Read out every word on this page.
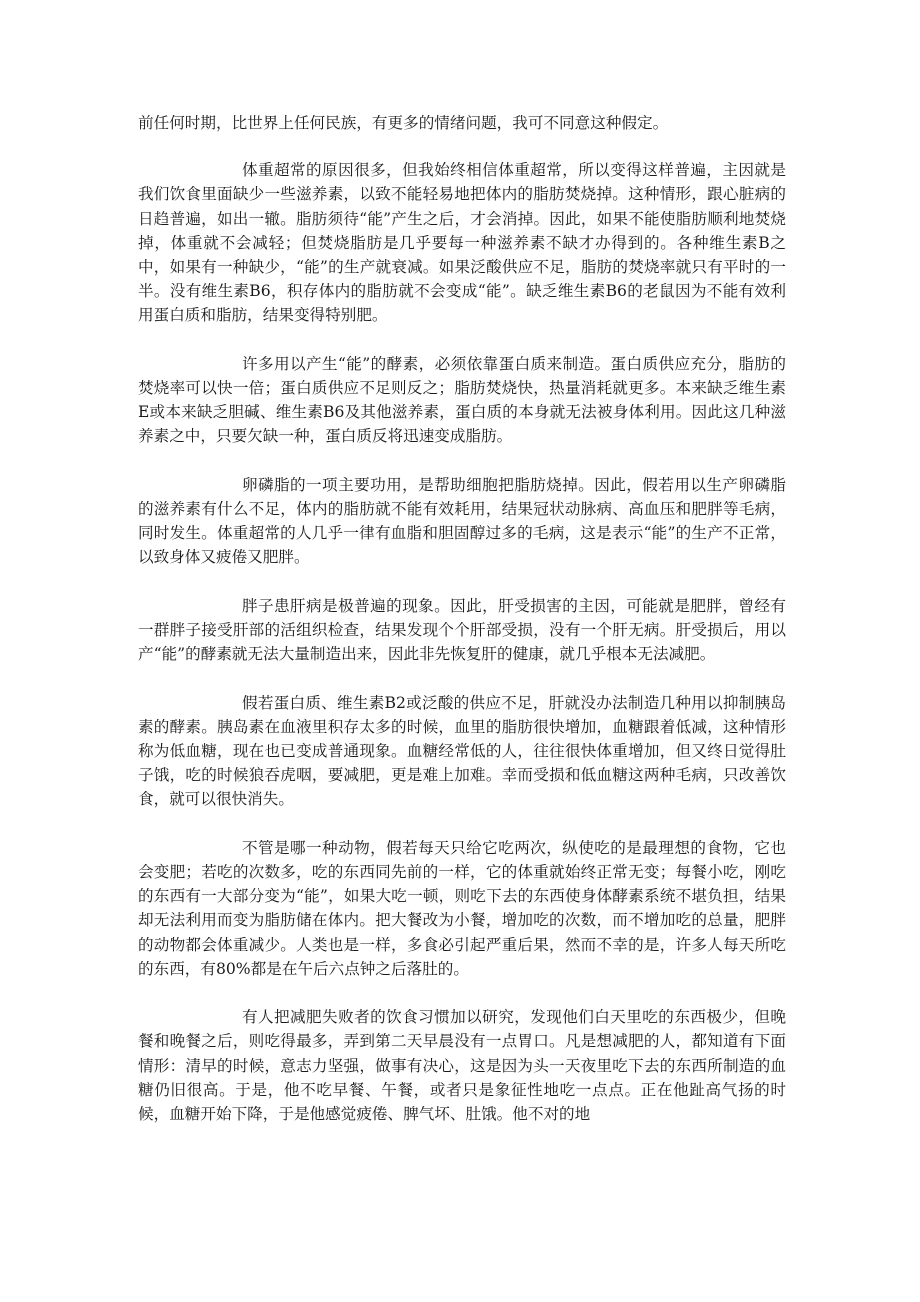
前任何时期，比世界上任何民族，有更多的情绪问题，我可不同意这种假定。

体重超常的原因很多，但我始终相信体重超常，所以变得这样普遍，主因就是我们饮食里面缺少一些滋养素，以致不能轻易地把体内的脂肪焚烧掉。这种情形，跟心脏病的日趋普遍，如出一辙。脂肪须待“能”产生之后，才会消掉。因此，如果不能使脂肪顺利地焚烧掉，体重就不会减轻；但焚烧脂肪是几乎要每一种滋养素不缺才办得到的。各种维生素B之中，如果有一种缺少，“能”的生产就衰减。如果泛酸供应不足，脂肪的焚烧率就只有平时的一半。没有维生素B6，积存体内的脂肪就不会变成“能”。缺乏维生素B6的老鼠因为不能有效利用蛋白质和脂肪，结果变得特别肥。

许多用以产生“能”的酵素，必须依靠蛋白质来制造。蛋白质供应充分，脂肪的焚烧率可以快一倍；蛋白质供应不足则反之；脂肪焚烧快，热量消耗就更多。本来缺乏维生素E或本来缺乏胆碱、维生素B6及其他滋养素，蛋白质的本身就无法被身体利用。因此这几种滋养素之中，只要欠缺一种，蛋白质反将迅速变成脂肪。

卵磷脂的一项主要功用，是帮助细胞把脂肪烧掉。因此，假若用以生产卵磷脂的滋养素有什么不足，体内的脂肪就不能有效耗用，结果冠状动脉病、高血压和肥胖等毛病，同时发生。体重超常的人几乎一律有血脂和胆固醇过多的毛病，这是表示“能”的生产不正常，以致身体又疲倦又肥胖。

胖子患肝病是极普遍的现象。因此，肝受损害的主因，可能就是肥胖，曾经有一群胖子接受肝部的活组织检查，结果发现个个肝部受损，没有一个肝无病。肝受损后，用以产“能”的酵素就无法大量制造出来，因此非先恢复肝的健康，就几乎根本无法减肥。

假若蛋白质、维生素B2或泛酸的供应不足，肝就没办法制造几种用以抑制胰岛素的酵素。胰岛素在血液里积存太多的时候，血里的脂肪很快增加，血糖跟着低减，这种情形称为低血糖，现在也已变成普通现象。血糖经常低的人，往往很快体重增加，但又终日觉得肚子饿，吃的时候狼吞虎咽，要减肥，更是难上加难。幸而受损和低血糖这两种毛病，只改善饮食，就可以很快消失。

不管是哪一种动物，假若每天只给它吃两次，纵使吃的是最理想的食物，它也会变肥；若吃的次数多，吃的东西同先前的一样，它的体重就始终正常无变；每餐小吃，刚吃的东西有一大部分变为“能”，如果大吃一顿，则吃下去的东西使身体酵素系统不堪负担，结果却无法利用而变为脂肪储在体内。把大餐改为小餐，增加吃的次数，而不增加吃的总量，肥胖的动物都会体重减少。人类也是一样，多食必引起严重后果，然而不幸的是，许多人每天所吃的东西，有80%都是在午后六点钟之后落肚的。

有人把减肥失败者的饮食习惯加以研究，发现他们白天里吃的东西极少，但晚餐和晚餐之后，则吃得最多，弄到第二天早晨没有一点胃口。凡是想减肥的人，都知道有下面情形：清早的时候，意志力坚强，做事有决心，这是因为头一天夜里吃下去的东西所制造的血糖仍旧很高。于是，他不吃早餐、午餐，或者只是象征性地吃一点点。正在他趾高气扬的时候，血糖开始下降，于是他感觉疲倦、脾气坏、肚饿。他不对的地
